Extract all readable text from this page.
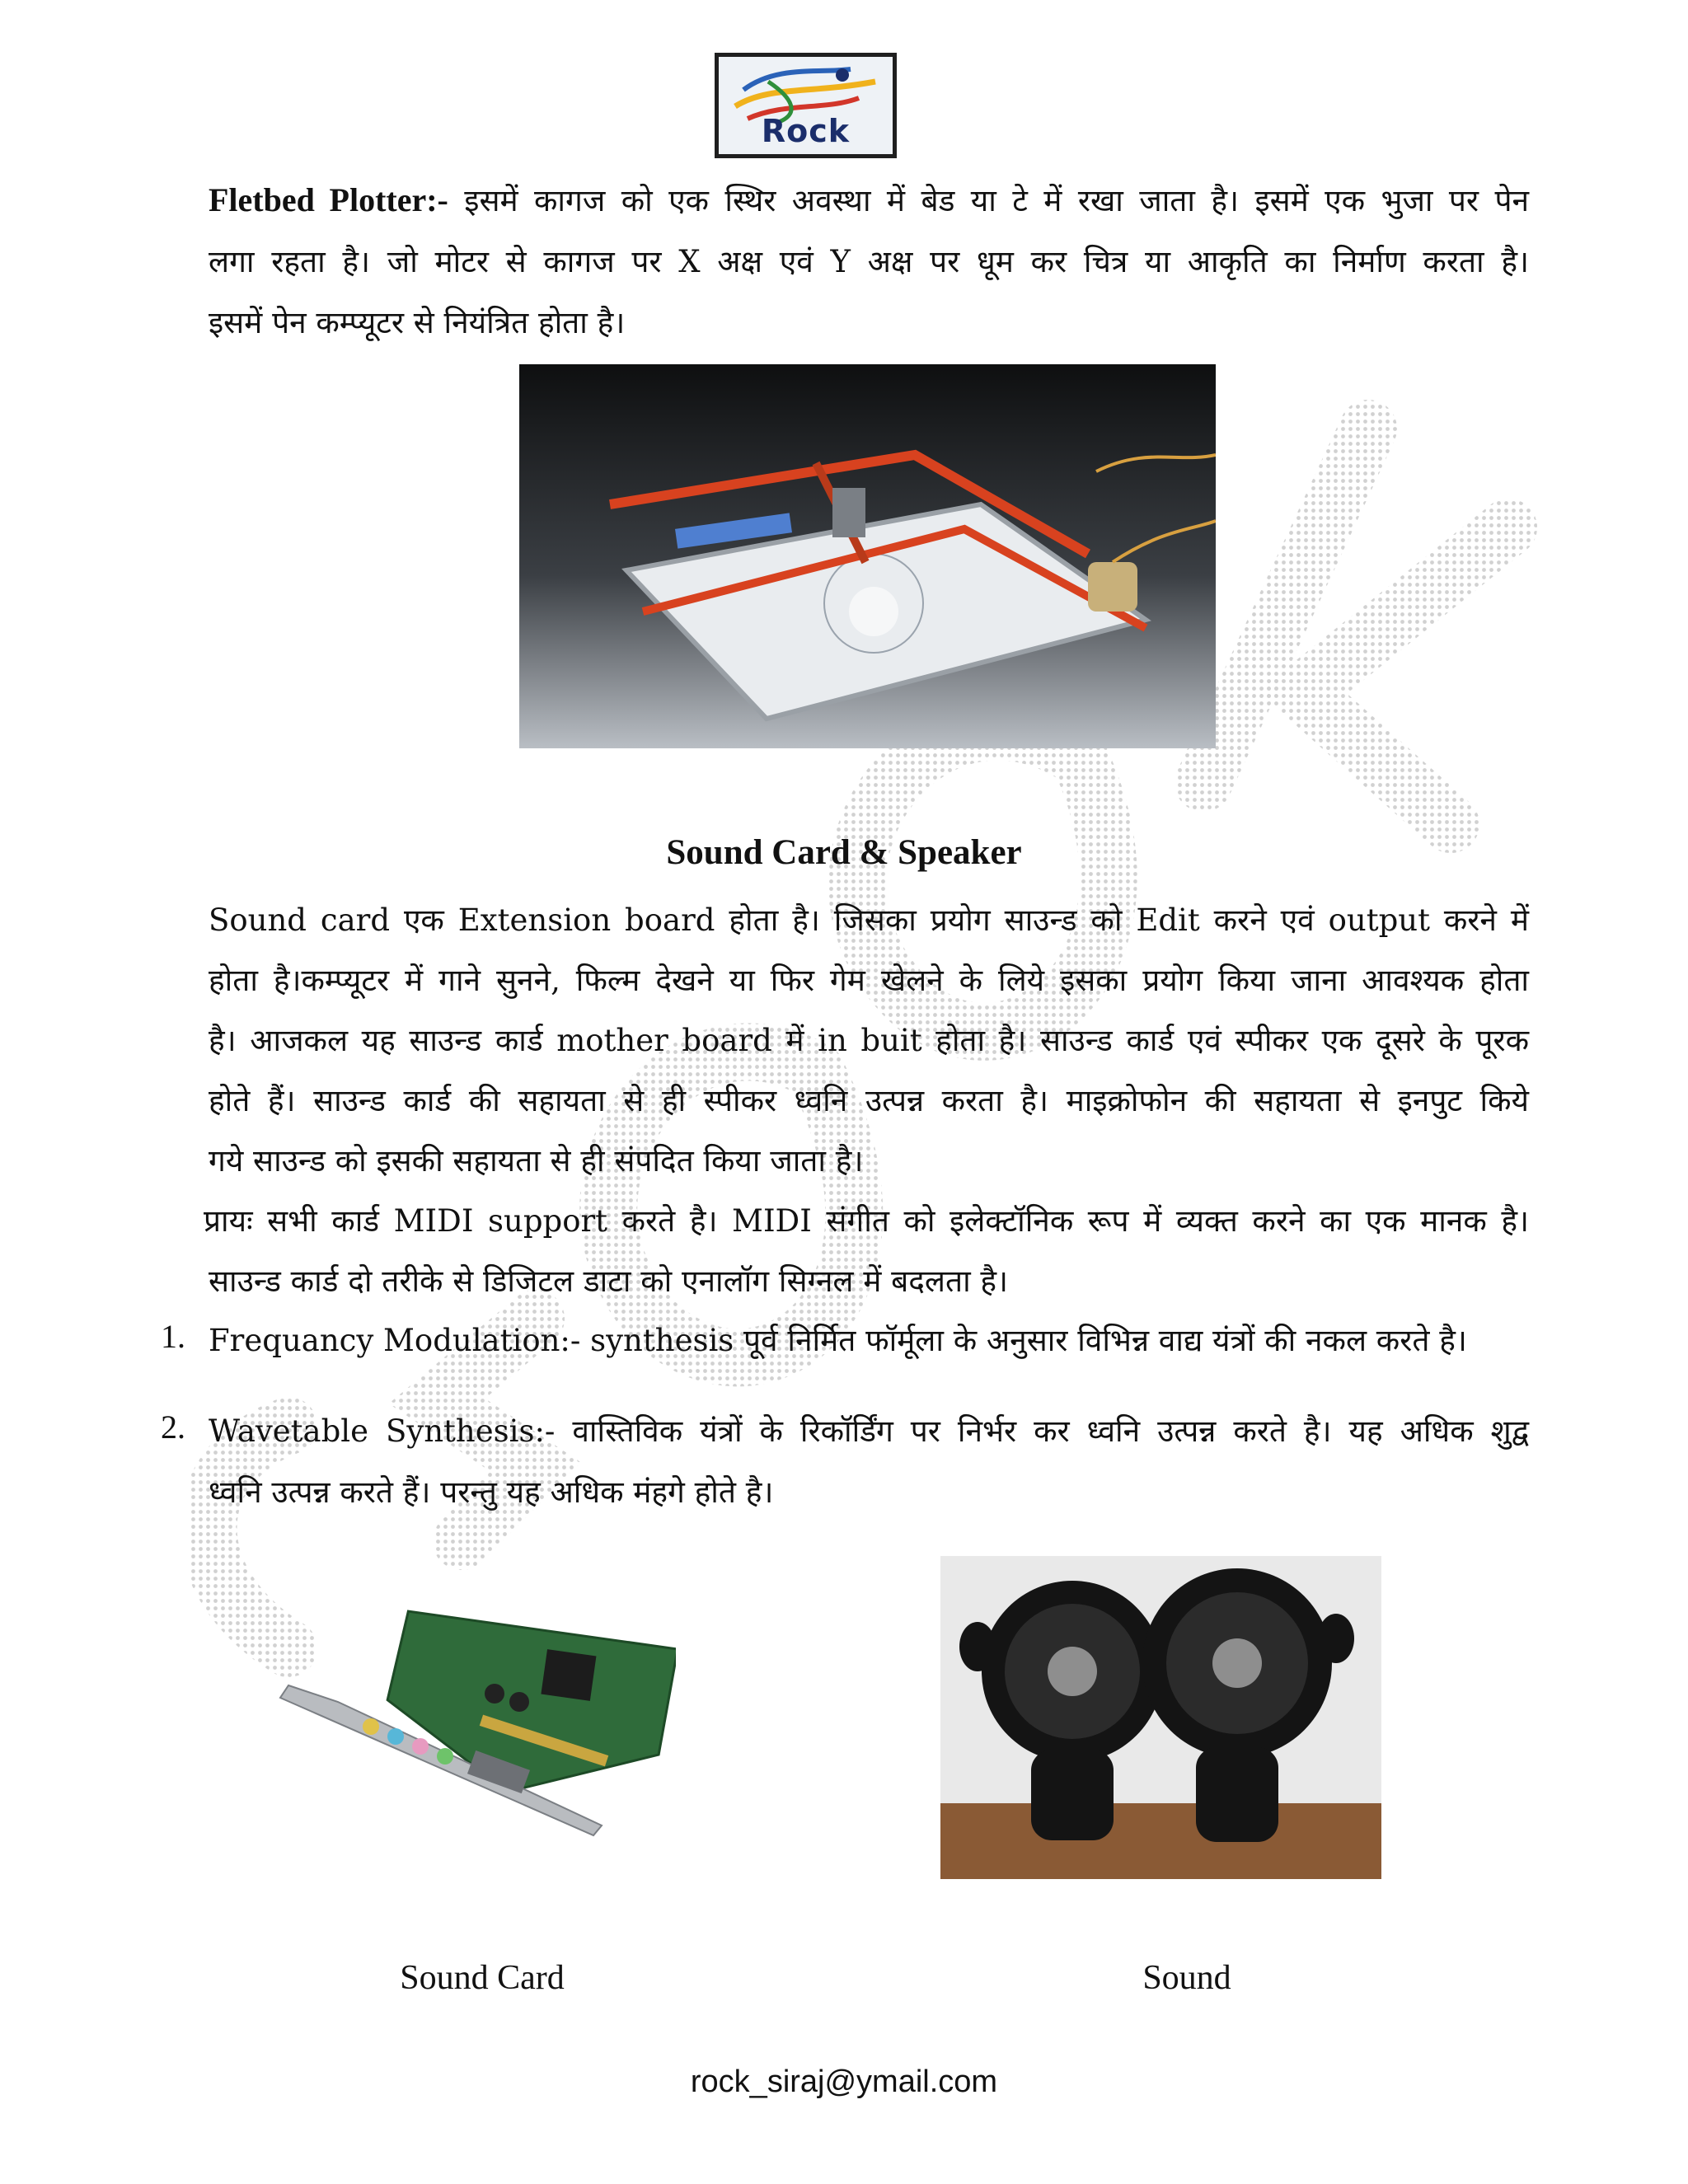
Rock
Fletbed Plotter:- इसमें कागज को एक स्थिर अवस्था में बेड या टे में रखा जाता है। इसमें एक भुजा पर पेन
लगा रहता है। जो मोटर से कागज पर X अक्ष एवं Y अक्ष पर धूम कर चित्र या आकृति का निर्माण करता है।
इसमें पेन कम्प्यूटर से नियंत्रित होता है।
Sound Card & Speaker
Sound card एक Extension board होता है। जिसका प्रयोग साउन्ड को Edit करने एवं output करने में
होता है।कम्प्यूटर में गाने सुनने, फिल्म देखने या फिर गेम खेलने के लिये इसका प्रयोग किया जाना आवश्यक होता
है। आजकल यह साउन्ड कार्ड mother board में in buit होता है। साउन्ड कार्ड एवं स्पीकर एक दूसरे के पूरक
होते हैं। साउन्ड कार्ड की सहायता से ही स्पीकर ध्वनि उत्पन्न करता है। माइक्रोफोन की सहायता से इनपुट किये
गये साउन्ड को इसकी सहायता से ही संपदित किया जाता है।
प्रायः सभी कार्ड MIDI support करते है। MIDI संगीत को इलेक्टॉनिक रूप में व्यक्त करने का एक मानक है।
साउन्ड कार्ड दो तरीके से डिजिटल डाटा को एनालॉग सिग्नल में बदलता है।
1. Frequancy Modulation:- synthesis पूर्व निर्मित फॉर्मूला के अनुसार विभिन्न वाद्य यंत्रों की नकल करते है।
2. Wavetable Synthesis:- वास्तिविक यंत्रों के रिकॉर्डिंग पर निर्भर कर ध्वनि उत्पन्न करते है। यह अधिक शुद्व
ध्वनि उत्पन्न करते हैं। परन्तु यह अधिक मंहगे होते है।
Sound Card	Sound
rock_siraj@ymail.com
